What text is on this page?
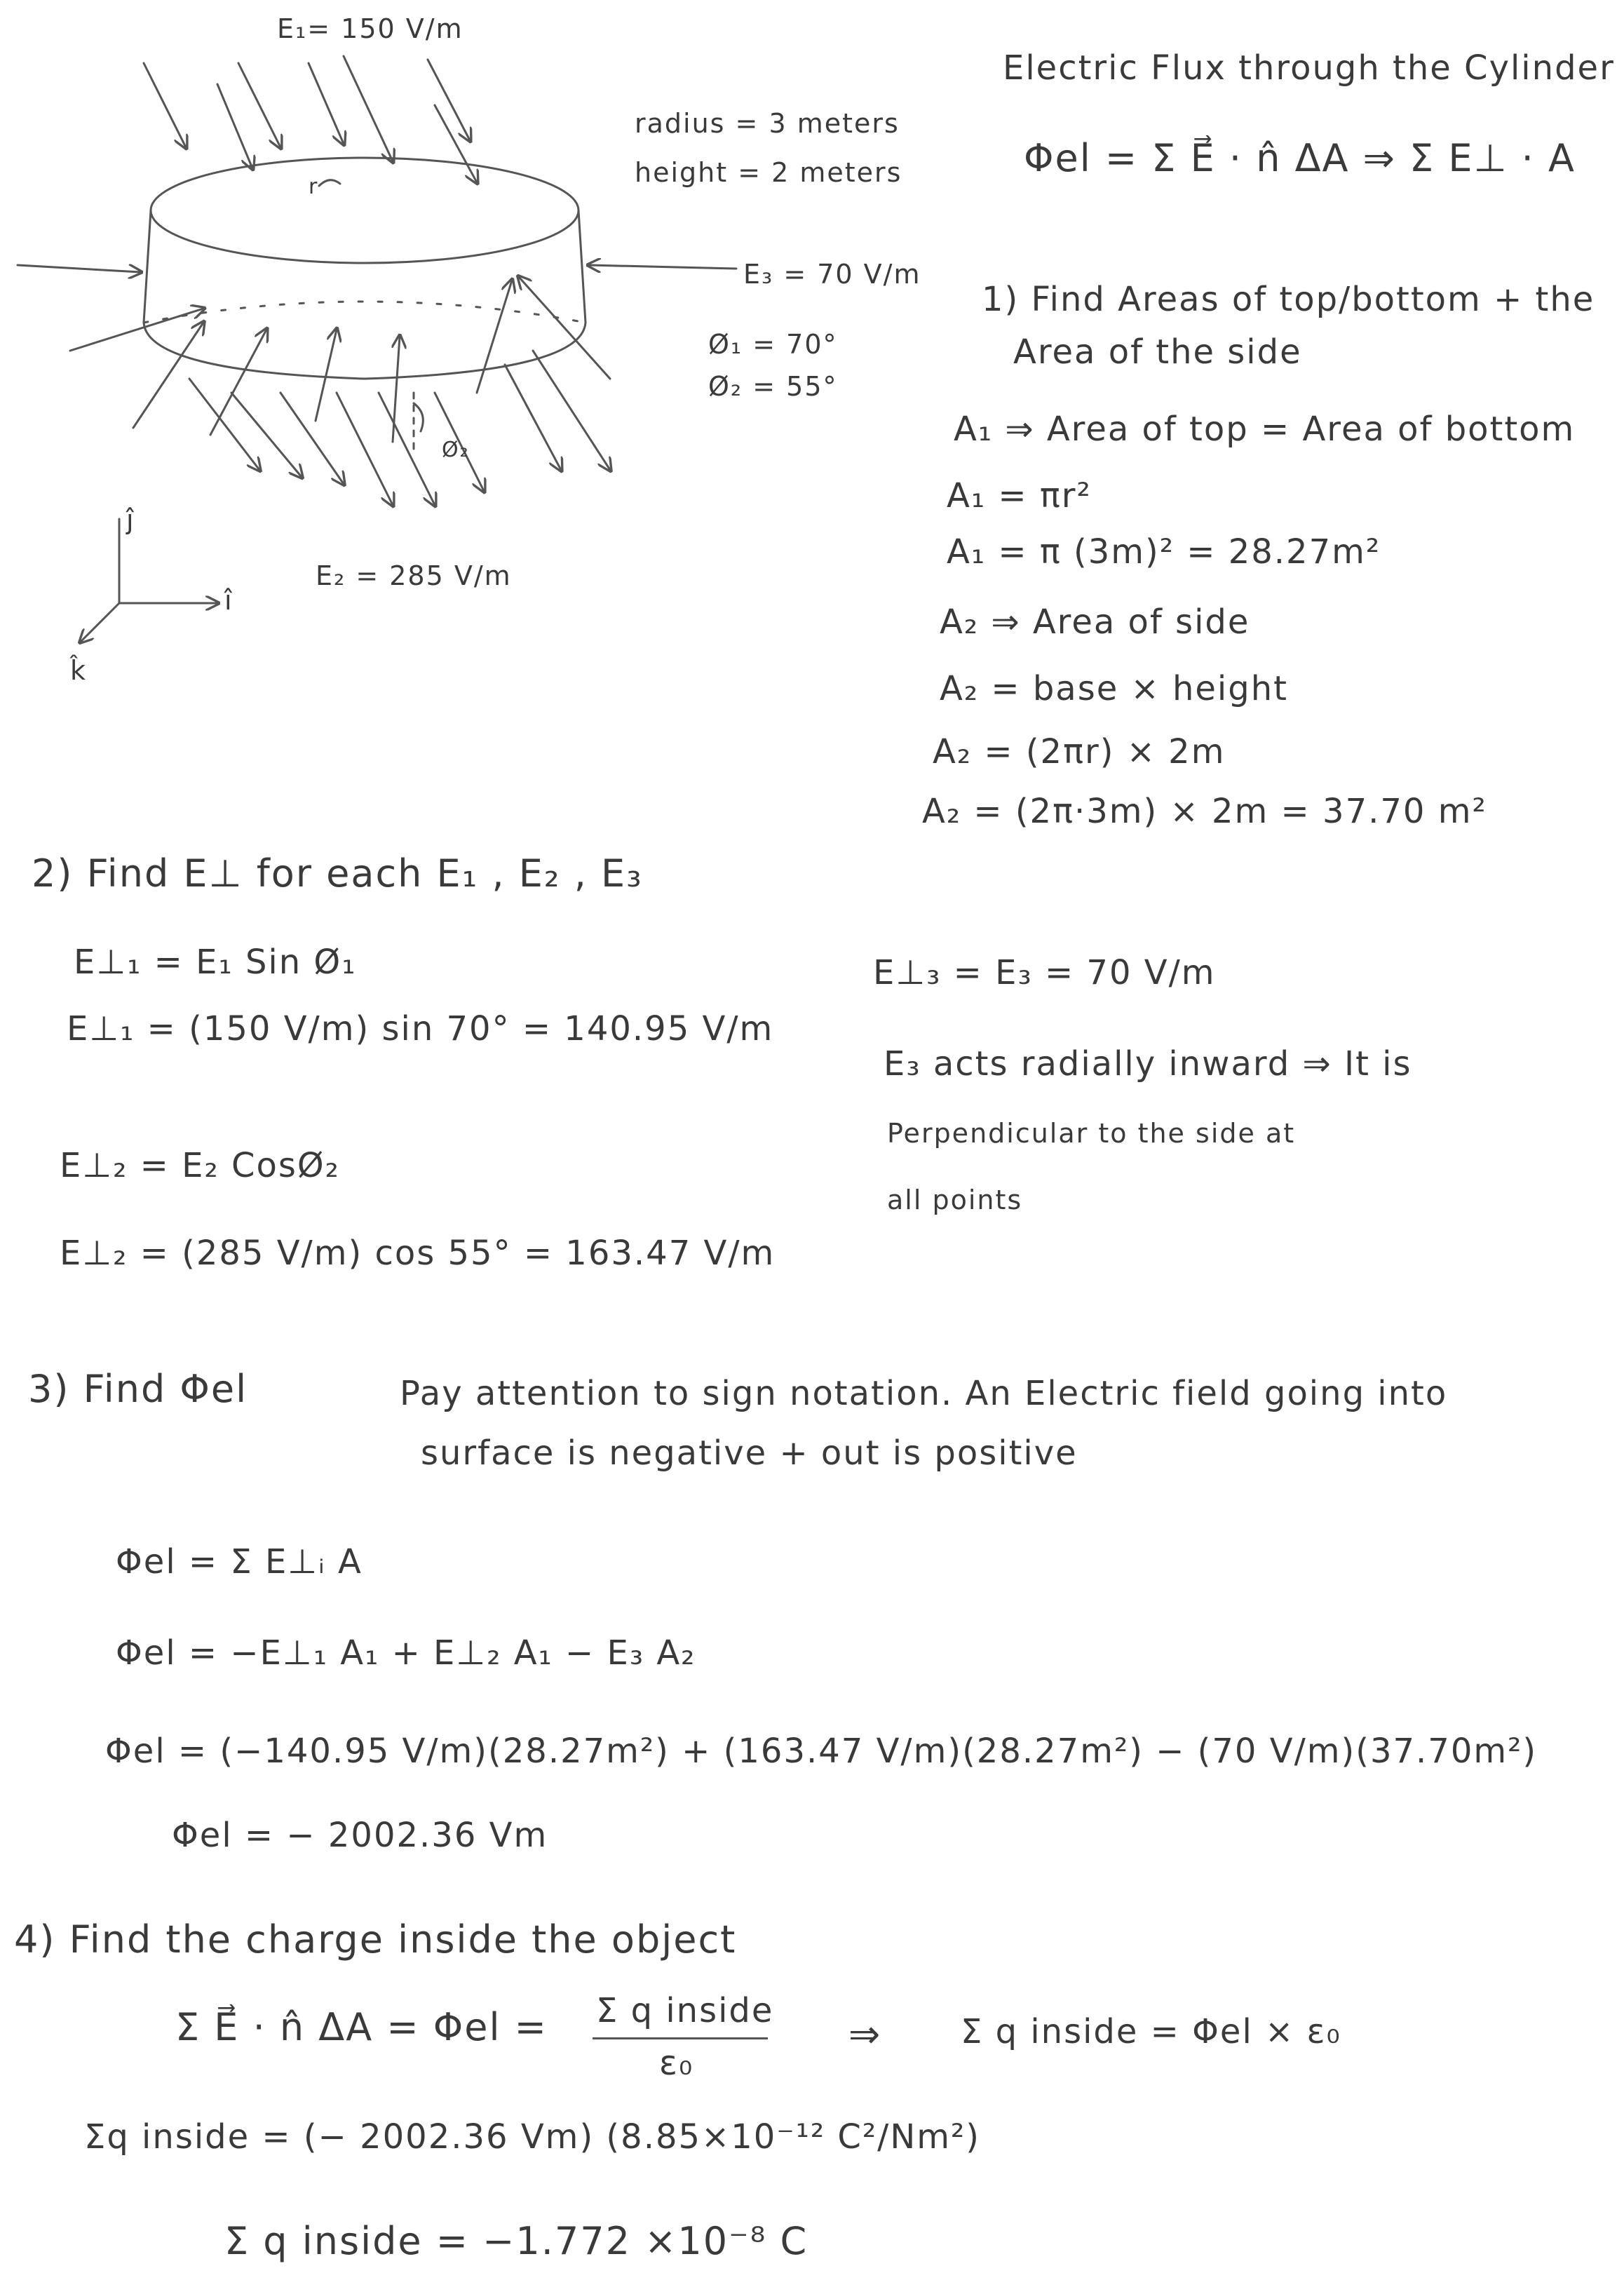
E₁= 150 V/m
radius = 3 meters
height = 2 meters
r
E₃ = 70 V/m
Ø₁ = 70°
Ø₂ = 55°
Ø₂
E₂ = 285 V/m
ĵ
î
k̂
Electric Flux through the Cylinder
Φel = Σ E⃗ · n̂ ΔA ⇒ Σ E⊥ · A
1) Find Areas of top/bottom + the
Area of the side
A₁ ⇒ Area of top = Area of bottom
A₁ = πr²
A₁ = π (3m)² = 28.27m²
A₂ ⇒ Area of side
A₂ = base × height
A₂ = (2πr) × 2m
A₂ = (2π·3m) × 2m = 37.70 m²
2) Find E⊥ for each E₁ , E₂ , E₃
E⊥₁ = E₁ Sin Ø₁
E⊥₁ = (150 V/m) sin 70° = 140.95 V/m
E⊥₂ = E₂ CosØ₂
E⊥₂ = (285 V/m) cos 55° = 163.47 V/m
E⊥₃ = E₃ = 70 V/m
E₃ acts radially inward ⇒ It is
Perpendicular to the side at
all points
3) Find Φel	Pay attention to sign notation. An Electric field going into
surface is negative + out is positive
Φel = Σ E⊥ᵢ A
Φel = −E⊥₁ A₁ + E⊥₂ A₁ − E₃ A₂
Φel = (−140.95 V/m)(28.27m²) + (163.47 V/m)(28.27m²) − (70 V/m)(37.70m²)
Φel = − 2002.36 Vm
4) Find the charge inside the object
Σ E⃗ · n̂ ΔA = Φel = Σ q inside
ε₀
⇒ Σ q inside = Φel × ε₀
Σq inside = (− 2002.36 Vm) (8.85×10⁻¹² C²/Nm²)
Σ q inside = −1.772 ×10⁻⁸ C
